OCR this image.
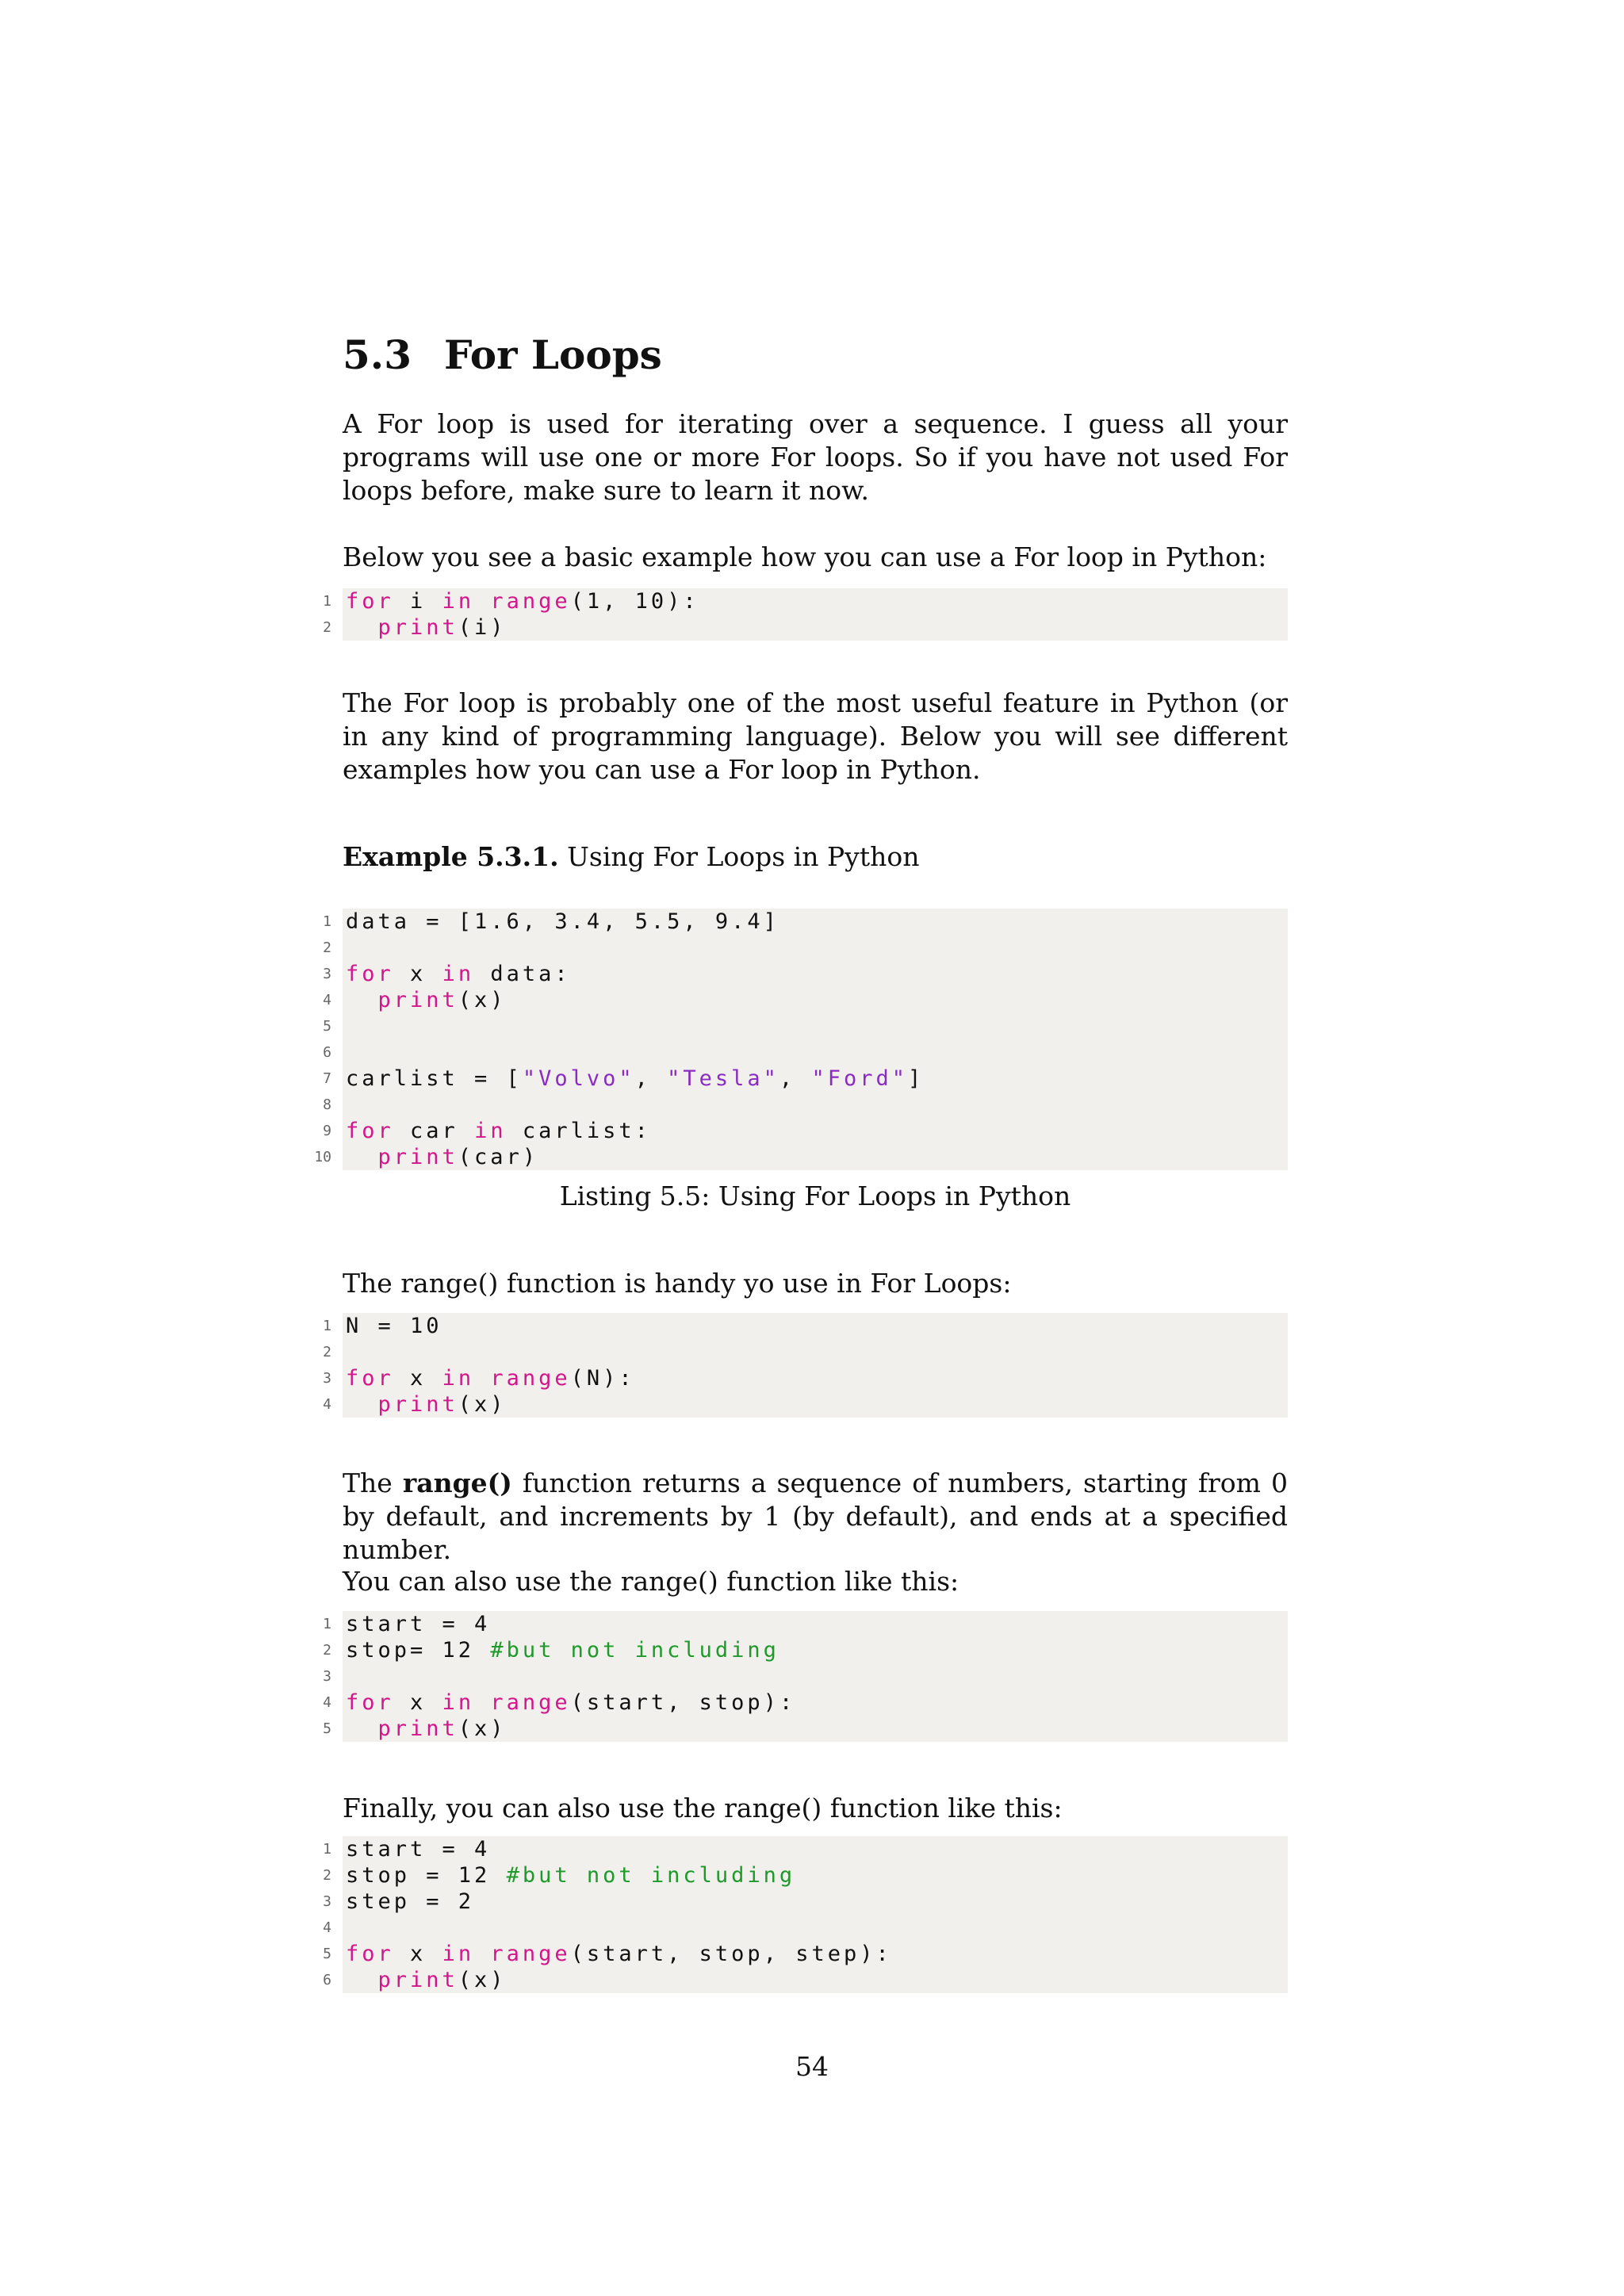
5.3 For Loops

A For loop is used for iterating over a sequence. I guess all your programs will use one or more For loops. So if you have not used For loops before, make sure to learn it now.

Below you see a basic example how you can use a For loop in Python:

1 for i in range(1, 10):
2 print(i)

The For loop is probably one of the most useful feature in Python (or in any kind of programming language). Below you will see different examples how you can use a For loop in Python.

Example 5.3.1. Using For Loops in Python
1 data = [1.6, 3.4, 5.5, 9.4]
2
3 for x in data:
4 print(x)
5
6
7 carlist = ["Volvo", "Tesla", "Ford"]
8
9 for car in carlist:
10 print(car)
Listing 5.5: Using For Loops in Python

The range() function is handy yo use in For Loops:

1 N = 10
2
3 for x in range(N):
4 print(x)

The range() function returns a sequence of numbers, starting from 0 by default, and increments by 1 (by default), and ends at a specified number.

You can also use the range() function like this:

1 start = 4
2 stop= 12 #but not including
3
4 for x in range(start, stop):
5 print(x)

Finally, you can also use the range() function like this:

1 start = 4
2 stop = 12 #but not including
3 step = 2
4
5 for x in range(start, stop, step):
6 print(x)
54
